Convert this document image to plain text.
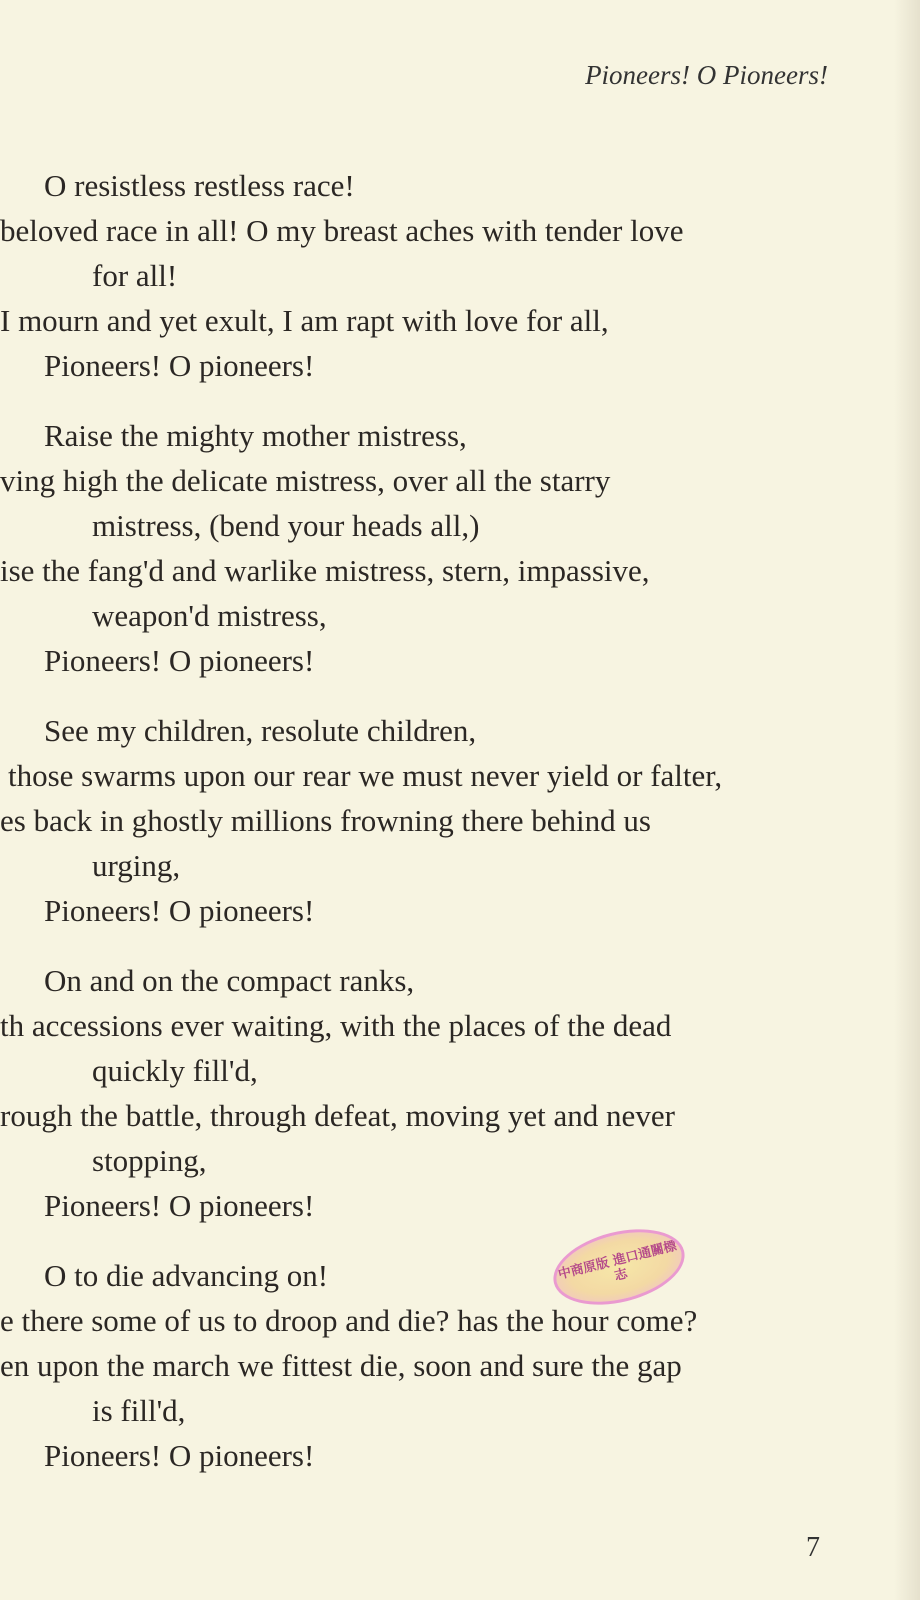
Pioneers! O Pioneers!
O resistless restless race!
beloved race in all! O my breast aches with tender love
for all!
I mourn and yet exult, I am rapt with love for all,
Pioneers! O pioneers!
Raise the mighty mother mistress,
ving high the delicate mistress, over all the starry
mistress, (bend your heads all,)
ise the fang'd and warlike mistress, stern, impassive,
weapon'd mistress,
Pioneers! O pioneers!
See my children, resolute children,
those swarms upon our rear we must never yield or falter,
es back in ghostly millions frowning there behind us
urging,
Pioneers! O pioneers!
On and on the compact ranks,
th accessions ever waiting, with the places of the dead
quickly fill'd,
rough the battle, through defeat, moving yet and never
stopping,
Pioneers! O pioneers!
O to die advancing on!
e there some of us to droop and die? has the hour come?
en upon the march we fittest die, soon and sure the gap
is fill'd,
Pioneers! O pioneers!
中商原版 進口通關標志
7
